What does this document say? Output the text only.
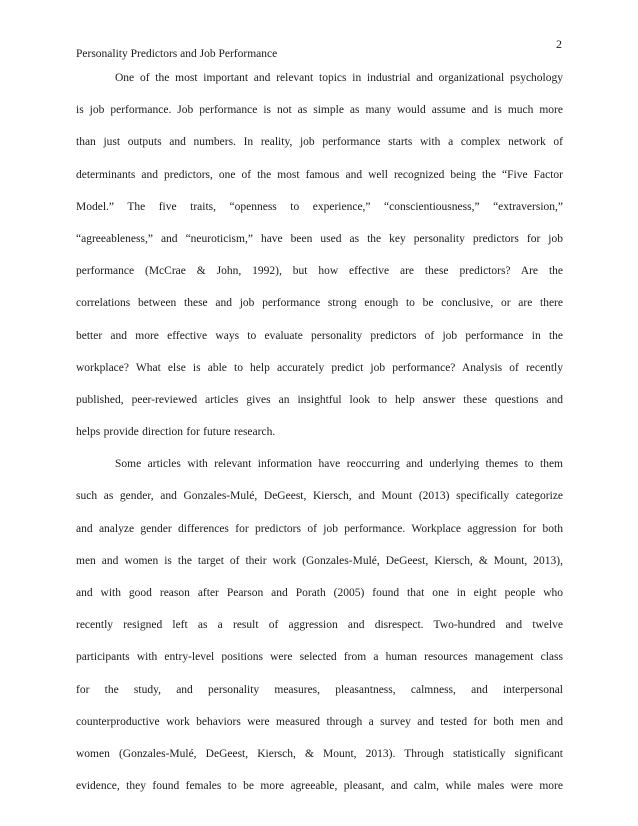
2
Personality Predictors and Job Performance

One of the most important and relevant topics in industrial and organizational psychology
is job performance. Job performance is not as simple as many would assume and is much more
than just outputs and numbers. In reality, job performance starts with a complex network of
determinants and predictors, one of the most famous and well recognized being the “Five Factor
Model.” The five traits, “openness to experience,” “conscientiousness,” “extraversion,”
“agreeableness,” and “neuroticism,” have been used as the key personality predictors for job
performance (McCrae & John, 1992), but how effective are these predictors? Are the
correlations between these and job performance strong enough to be conclusive, or are there
better and more effective ways to evaluate personality predictors of job performance in the
workplace? What else is able to help accurately predict job performance? Analysis of recently
published, peer-reviewed articles gives an insightful look to help answer these questions and
helps provide direction for future research.

Some articles with relevant information have reoccurring and underlying themes to them
such as gender, and Gonzales-Mulé, DeGeest, Kiersch, and Mount (2013) specifically categorize
and analyze gender differences for predictors of job performance. Workplace aggression for both
men and women is the target of their work (Gonzales-Mulé, DeGeest, Kiersch, & Mount, 2013),
and with good reason after Pearson and Porath (2005) found that one in eight people who
recently resigned left as a result of aggression and disrespect. Two-hundred and twelve
participants with entry-level positions were selected from a human resources management class
for the study, and personality measures, pleasantness, calmness, and interpersonal
counterproductive work behaviors were measured through a survey and tested for both men and
women (Gonzales-Mulé, DeGeest, Kiersch, & Mount, 2013). Through statistically significant
evidence, they found females to be more agreeable, pleasant, and calm, while males were more
